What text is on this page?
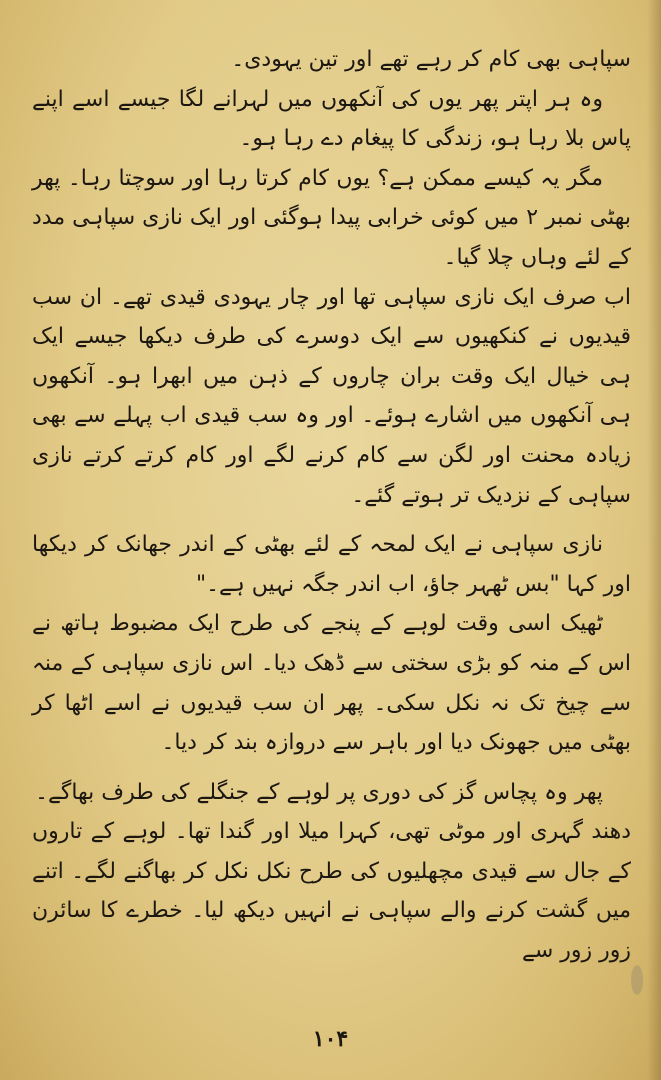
سپاہی بھی کام کر رہے تھے اور تین یہودی۔

وہ ہر اپتر پھر یوں کی آنکھوں میں لہرانے لگا جیسے اسے اپنے پاس بلا رہا ہو، زندگی کا پیغام دے رہا ہو۔

مگر یہ کیسے ممکن ہے؟ یوں کام کرتا رہا اور سوچتا رہا۔ پھر بھٹی نمبر ۲ میں کوئی خرابی پیدا ہوگئی اور ایک نازی سپاہی مدد کے لئے وہاں چلا گیا۔

اب صرف ایک نازی سپاہی تھا اور چار یہودی قیدی تھے۔ ان سب قیدیوں نے کنکھیوں سے ایک دوسرے کی طرف دیکھا جیسے ایک ہی خیال ایک وقت بران چاروں کے ذہن میں ابھرا ہو۔ آنکھوں ہی آنکھوں میں اشارے ہوئے۔ اور وہ سب قیدی اب پہلے سے بھی زیادہ محنت اور لگن سے کام کرنے لگے اور کام کرتے کرتے نازی سپاہی کے نزدیک تر ہوتے گئے۔

نازی سپاہی نے ایک لمحہ کے لئے بھٹی کے اندر جھانک کر دیکھا اور کہا "بس ٹھہر جاؤ، اب اندر جگہ نہیں ہے۔"

ٹھیک اسی وقت لوہے کے پنجے کی طرح ایک مضبوط ہاتھ نے اس کے منہ کو بڑی سختی سے ڈھک دیا۔ اس نازی سپاہی کے منہ سے چیخ تک نہ نکل سکی۔ پھر ان سب قیدیوں نے اسے اٹھا کر بھٹی میں جھونک دیا اور باہر سے دروازہ بند کر دیا۔

پھر وہ پچاس گز کی دوری پر لوہے کے جنگلے کی طرف بھاگے۔

دھند گہری اور موٹی تھی، کہرا میلا اور گندا تھا۔ لوہے کے تاروں کے جال سے قیدی مچھلیوں کی طرح نکل نکل کر بھاگنے لگے۔ اتنے میں گشت کرنے والے سپاہی نے انہیں دیکھ لیا۔ خطرے کا سائرن زور زور سے

۱۰۴
